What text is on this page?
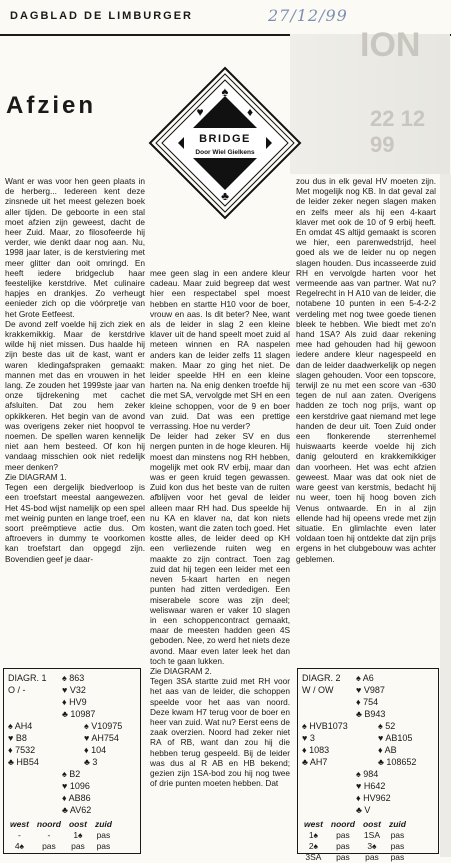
DAGBLAD DE LIMBURGER	27/12/99
ION
22 12 99
Afzien
BRIDGE
Door Wiel Gielkens
♠
♥	♦
♣
♠

Want er was voor hen geen plaats in de herberg... Iedereen kent deze zinsnede uit het meest gelezen boek aller tijden. De geboorte in een stal moet afzien zijn geweest, dacht de heer Zuid. Maar, zo filosofeerde hij verder, wie denkt daar nog aan. Nu, 1998 jaar later, is de kerstviering met meer glitter dan ooit omringd. En heeft iedere bridgeclub haar feestelijke kerstdrive. Met culinaire hapjes en drankjes. Zo verheugt eenieder zich op die vóórpretje van het Grote Eetfeest.

De avond zelf voelde hij zich ziek en krakkemikkig. Maar de kerstdrive wilde hij niet missen. Dus haalde hij zijn beste das uit de kast, want er waren kledingafspraken gemaakt: mannen met das en vrouwen in het lang. Ze zouden het 1999ste jaar van onze tijdrekening met cachet afsluiten. Dat zou hem zeker opkikkeren. Het begin van de avond was overigens zeker niet hoopvol te noemen. De spellen waren kennelijk niet aan hem besteed. Of kon hij vandaag misschien ook niet redelijk meer denken?

Zie DIAGRAM 1.

Tegen een dergelijk biedverloop is een troefstart meestal aangewezen. Het 4S-bod wijst namelijk op een spel met weinig punten en lange troef, een soort preëmptieve actie dus. Om aftroevers in dummy te voorkomen kan troefstart dan opgegd zijn. Bovendien geef je daar-

mee geen slag in een andere kleur cadeau. Maar zuid begreep dat west hier een respectabel spel moest hebben en startte H10 voor de boer, vrouw en aas. Is dit beter? Nee, want als de leider in slag 2 een kleine klaver uit de hand speelt moet zuid al meteen winnen en RA naspelen anders kan de leider zelfs 11 slagen maken. Maar zo ging het niet. De leider speelde HH en een kleine harten na. Na enig denken troefde hij die met SA, vervolgde met SH en een kleine schoppen, voor de 9 en boer van zuid. Dat was een prettige verrassing. Hoe nu verder?

De leider had zeker SV en dus nergen punten in de hoge kleuren. Hij moest dan minstens nog RH hebben, mogelijk met ook RV erbij, maar dan was er geen kruid tegen gewassen. Zuid kon dus het beste van de ruiten afblijven voor het geval de leider alleen maar RH had. Dus speelde hij nu KA en klaver na, dat kon niets kosten, want die zaten toch goed. Het kostte alles, de leider deed op KH een verliezende ruiten weg en maakte zo zijn contract. Toen zag zuid dat hij tegen een leider met een neven 5-kaart harten en negen punten had zitten verdedigen. Een miserabele score was zijn deel; weliswaar waren er vaker 10 slagen in een schoppencontract gemaakt, maar de meesten hadden geen 4S geboden. Nee, zo werd het niets deze avond. Maar even later leek het dan toch te gaan lukken.

Zie DIAGRAM 2.

Tegen 3SA startte zuid met RH voor het aas van de leider, die schoppen speelde voor het aas van noord. Deze kwam H7 terug voor de boer en heer van zuid. Wat nu? Eerst eens de zaak overzien. Noord had zeker niet RA of RB, want dan zou hij die hebben terug gespeeld. Bij de leider was dus al R AB en HB bekend; gezien zijn 1SA-bod zou hij nog twee of drie punten moeten hebben. Dat

zou dus in elk geval HV moeten zijn. Met mogelijk nog KB. In dat geval zal de leider zeker negen slagen maken en zelfs meer als hij een 4-kaart klaver met ook de 10 of 9 erbij heeft. En omdat 4S altijd gemaakt is scoren we hier, een parenwedstrijd, heel goed als we de leider nu op negen slagen houden. Dus incasseerde zuid RH en vervolgde harten voor het vermeende aas van partner. Wat nu? Regelrecht in H A10 van de leider, die notabene 10 punten in een 5-4-2-2 verdeling met nog twee goede tienen bleek te hebben. Wie biedt met zo'n hand 1SA? Als zuid daar rekening mee had gehouden had hij gewoon iedere andere kleur nagespeeld en dan de leider daadwerkelijk op negen slagen gehouden. Voor een topscore, terwijl ze nu met een score van -630 tegen de nul aan zaten. Overigens hadden ze toch nog prijs, want op een kerstdrive gaat niemand met lege handen de deur uit. Toen Zuid onder een flonkerende sterrenhemel huiswaarts keerde voelde hij zich danig gelouterd en krakkemikkiger dan voorheen. Het was echt afzien geweest. Maar was dat ook niet de ware geest van kerstmis, bedacht hij nu weer, toen hij hoog boven zich Venus ontwaarde. En in al zijn ellende had hij opeens vrede met zijn situatie. En glimlachte even later voldaan toen hij ontdekte dat zijn prijs ergens in het clubgebouw was achter geblemen.

DIAGR. 1
O / -
♠ 863
♥ V32
♦ HV9
♣ 10987
♠ AH4
♥ B8
♦ 7532
♣ HB54
♠ V10975
♥ AH754
♦ 104
♣ 3
♠ B2
♥ 1096
♦ AB86
♣ AV62
west	noord	oost	zuid
-	-	1♠	pas
4♠	pas	pas	pas
DIAGR. 2
W / OW
♠ A6
♥ V987
♦ 754
♣ B943
♠ HVB1073
♥ 3
♦ 1083
♣ AH7
♠ 52
♥ AB105
♦ AB
♣ 108652
♠ 984
♥ H642
♦ HV962
♣ V
west	noord	oost	zuid
1♠	pas	1SA	pas
2♠	pas	3♠	pas
3SA	pas	pas	pas
